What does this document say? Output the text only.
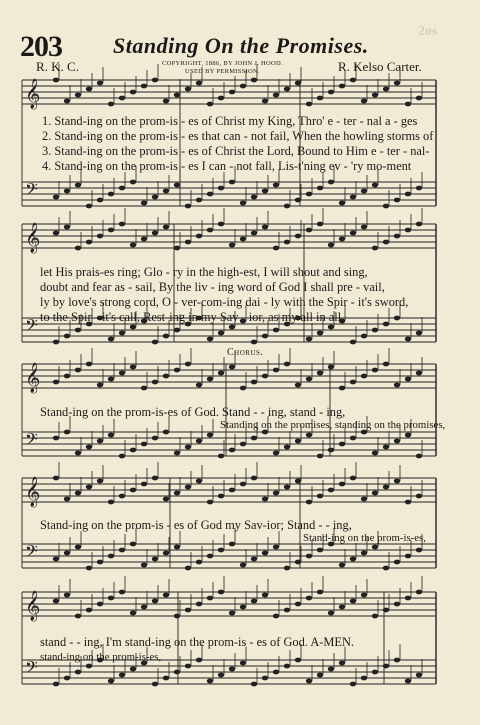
203 Standing On the Promises.
2os
R. K. C.	COPYRIGHT, 1886, BY JOHN J. HOOD.
USED BY PERMISSION.	R. Kelso Carter.
𝄞
𝄢
𝄞
𝄢
𝄞
𝄢
𝄞
𝄢
𝄞
𝄢
1. Stand-ing on the prom-is - es of Christ my King, Thro' e - ter - nal a - ges
2. Stand-ing on the prom-is - es that can - not fail, When the howling storms of
3. Stand-ing on the prom-is - es of Christ the Lord, Bound to Him e - ter - nal-
4. Stand-ing on the prom-is - es I can - not fall, Lis-t'ning ev - 'ry mo-ment
let His prais-es ring; Glo - ry in the high-est, I will shout and sing,
doubt and fear as - sail, By the liv - ing word of God I shall pre - vail,
ly by love's strong cord, O - ver-com-ing dai - ly with the Spir - it's sword,
to the Spir - it's call, Rest-ing in my Sav - ior, as my all in all,
Chorus.
Stand-ing on the prom-is-es of God. Stand - - ing, stand - ing,
Standing on the promises, standing on the promises,
Stand-ing on the prom-is - es of God my Sav-ior; Stand - - ing,
Stand-ing on the prom-is-es,
stand - - ing, I'm stand-ing on the prom-is - es of God. A-MEN.
stand-ing on the prom-is-es,
